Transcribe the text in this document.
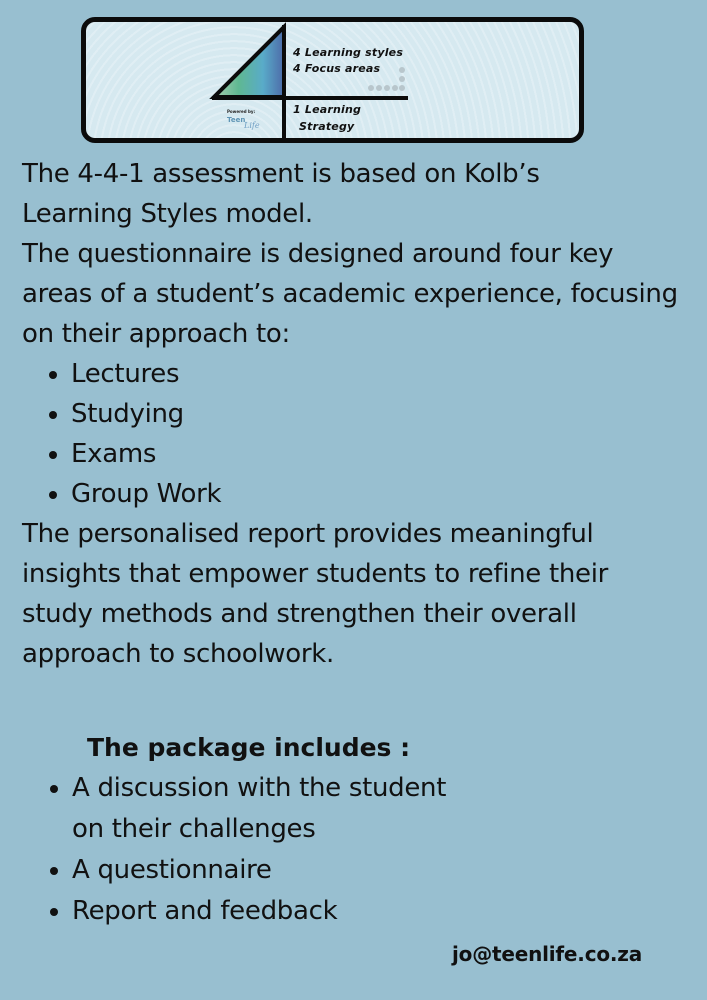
4 Learning styles
4 Focus areas
1 Learning
Strategy
Powered by:
Teen
Life

The 4-4-1 assessment is based on Kolb’s

Learning Styles model.

The questionnaire is designed around four key areas of a student’s academic experience, focusing on their approach to:

Lectures
Studying
Exams
Group Work

The personalised report provides meaningful insights that empower students to refine their study methods and strengthen their overall approach to schoolwork.

The package includes :
A discussion with the student on their challenges
A questionnaire
Report and feedback
jo@teenlife.co.za
